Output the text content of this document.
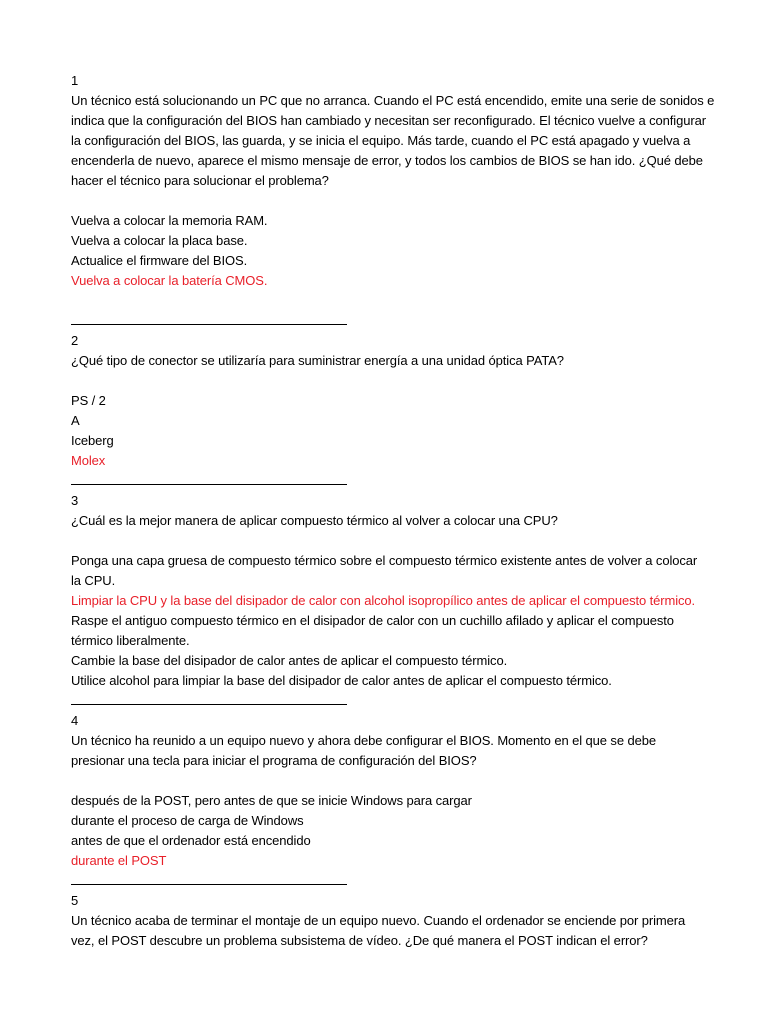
1
Un técnico está solucionando un PC que no arranca. Cuando el PC está encendido, emite una serie de sonidos e
indica que la configuración del BIOS han cambiado y necesitan ser reconfigurado. El técnico vuelve a configurar
la configuración del BIOS, las guarda, y se inicia el equipo. Más tarde, cuando el PC está apagado y vuelva a
encenderla de nuevo, aparece el mismo mensaje de error, y todos los cambios de BIOS se han ido. ¿Qué debe
hacer el técnico para solucionar el problema?
Vuelva a colocar la memoria RAM.
Vuelva a colocar la placa base.
Actualice el firmware del BIOS.
Vuelva a colocar la batería CMOS.
2
¿Qué tipo de conector se utilizaría para suministrar energía a una unidad óptica PATA?
PS / 2
A
Iceberg
Molex
3
¿Cuál es la mejor manera de aplicar compuesto térmico al volver a colocar una CPU?
Ponga una capa gruesa de compuesto térmico sobre el compuesto térmico existente antes de volver a colocar
la CPU.
Limpiar la CPU y la base del disipador de calor con alcohol isopropílico antes de aplicar el compuesto térmico.
Raspe el antiguo compuesto térmico en el disipador de calor con un cuchillo afilado y aplicar el compuesto
térmico liberalmente.
Cambie la base del disipador de calor antes de aplicar el compuesto térmico.
Utilice alcohol para limpiar la base del disipador de calor antes de aplicar el compuesto térmico.
4
Un técnico ha reunido a un equipo nuevo y ahora debe configurar el BIOS. Momento en el que se debe
presionar una tecla para iniciar el programa de configuración del BIOS?
después de la POST, pero antes de que se inicie Windows para cargar
durante el proceso de carga de Windows
antes de que el ordenador está encendido
durante el POST
5
Un técnico acaba de terminar el montaje de un equipo nuevo. Cuando el ordenador se enciende por primera
vez, el POST descubre un problema subsistema de vídeo. ¿De qué manera el POST indican el error?
